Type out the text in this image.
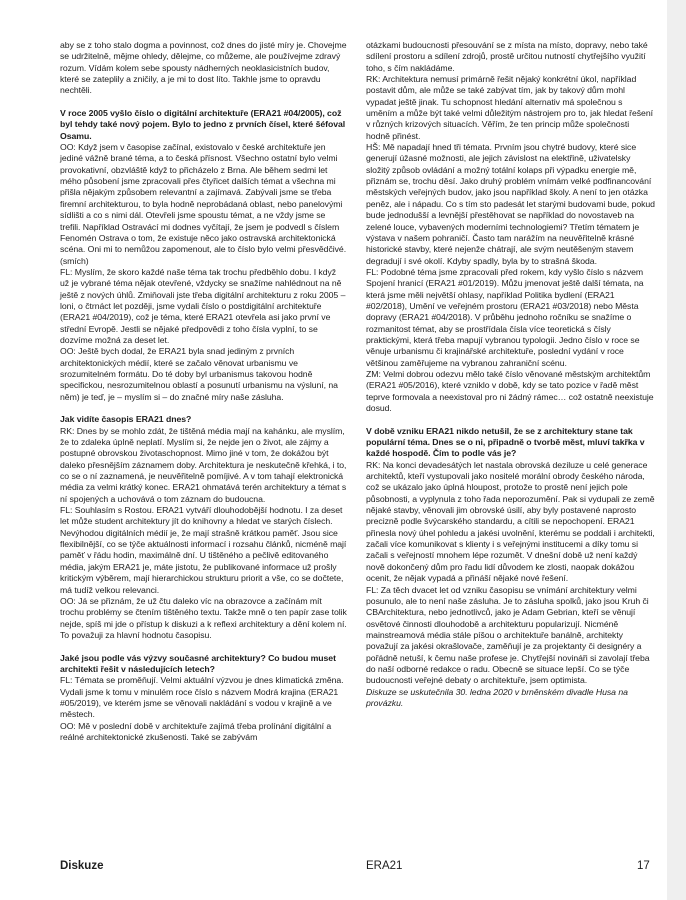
aby se z toho stalo dogma a povinnost, což dnes do jisté míry je. Chovejme se udržitelně, mějme ohledy, dělejme, co můžeme, ale používejme zdravý rozum. Vídám kolem sebe spousty nádherných neoklasicistních budov, které se zateplily a zničily, a je mi to dost líto. Takhle jsme to opravdu nechtěli.

V roce 2005 vyšlo číslo o digitální architektuře (ERA21 #04/2005), což byl tehdy také nový pojem. Bylo to jedno z prvních čísel, které šéfoval Osamu.

OO: Když jsem v časopise začínal, existovalo v české architektuře jen jediné vážně brané téma, a to česká přísnost. Všechno ostatní bylo velmi provokativní, obzvláště když to přicházelo z Brna. Ale během sedmi let mého působení jsme zpracovali přes čtyřicet dalších témat a všechna mi přišla nějakým způsobem relevantní a zajímavá. Zabývali jsme se třeba firemní architekturou, to byla hodně neprobádaná oblast, nebo panelovými sídlišti a co s nimi dál. Otevřeli jsme spoustu témat, a ne vždy jsme se trefili. Například Ostravácí mi dodnes vyčítají, že jsem je podvedl s číslem Fenomén Ostrava o tom, že existuje něco jako ostravská architektonická scéna. Oni mi to nemůžou zapomenout, ale to číslo bylo velmi přesvědčivé. (smích)

FL: Myslím, že skoro každé naše téma tak trochu předběhlo dobu. I když už je vybrané téma nějak otevřené, vždycky se snažíme nahlédnout na ně ještě z nových úhlů. Zmiňovali jste třeba digitální architekturu z roku 2005 – loni, o čtrnáct let později, jsme vydali číslo o postdigitální architektuře (ERA21 #04/2019), což je téma, které ERA21 otevřela asi jako první ve střední Evropě. Jestli se nějaké předpovědi z toho čísla vyplní, to se dozvíme možná za deset let.

OO: Ještě bych dodal, že ERA21 byla snad jediným z prvních architektonických médií, které se začalo věnovat urbanismu ve srozumitelném formátu. Do té doby byl urbanismus takovou hodně specifickou, nesrozumitelnou oblastí a posunutí urbanismu na výsluní, na něm) je teď, je – myslím si – do značné míry naše zásluha.

Jak vidíte časopis ERA21 dnes?

RK: Dnes by se mohlo zdát, že tištěná média mají na kahánku, ale myslím, že to zdaleka úplně neplatí. Myslím si, že nejde jen o život, ale zájmy a postupné obrovskou životaschopnost. Mimo jiné v tom, že dokážou být daleko přesnějším záznamem doby. Architektura je neskutečně křehká, i to, co se o ní zaznamená, je neuvěřitelně pomíjivé. A v tom tahají elektronická média za velmi krátký konec. ERA21 ohmatává terén architektury a témat s ní spojených a uchovává o tom záznam do budoucna.

FL: Souhlasím s Rostou. ERA21 vytváří dlouhodobější hodnotu. I za deset let může student architektury jít do knihovny a hledat ve starých číslech. Nevýhodou digitálních médií je, že mají strašně krátkou paměť. Jsou sice flexibilnější, co se týče aktuálnosti informací i rozsahu článků, nicméně mají paměť v řádu hodin, maximálně dní. U tištěného a pečlivě editovaného média, jakým ERA21 je, máte jistotu, že publikované informace už prošly kritickým výběrem, mají hierarchickou strukturu priorit a vše, co se dočtete, má tudíž velkou relevanci.

OO: Já se přiznám, že už čtu daleko víc na obrazovce a začínám mít trochu problémy se čtením tištěného textu. Takže mně o ten papír zase tolik nejde, spíš mi jde o přístup k diskuzi a k reflexi architektury a dění kolem ní. To považuji za hlavní hodnotu časopisu.

Jaké jsou podle vás výzvy současné architektury? Co budou muset architekti řešit v následujících letech?

FL: Témata se proměňují. Velmi aktuální výzvou je dnes klimatická změna. Vydali jsme k tomu v minulém roce číslo s názvem Modrá krajina (ERA21 #05/2019), ve kterém jsme se věnovali nakládání s vodou v krajině a ve městech.

OO: Mě v poslední době v architektuře zajímá třeba prolínání digitální a reálné architektonické zkušenosti. Také se zabývám

otázkami budoucnosti přesouvání se z místa na místo, dopravy, nebo také sdílení prostoru a sdílení zdrojů, prostě určitou nutností chytřejšího využití toho, s čím nakládáme.

RK: Architektura nemusí primárně řešit nějaký konkrétní úkol, například postavit dům, ale může se také zabývat tím, jak by takový dům mohl vypadat ještě jinak. Tu schopnost hledání alternativ má společnou s uměním a může být také velmi důležitým nástrojem pro to, jak hledat řešení v různých krizových situacích. Věřím, že ten princip může společnosti hodně přinést.

HŠ: Mě napadají hned tři témata. Prvním jsou chytré budovy, které sice generují úžasné možnosti, ale jejich závislost na elektřině, uživatelsky složitý způsob ovládání a možný totální kolaps při výpadku energie mě, přiznám se, trochu děsí. Jako druhý problém vnímám velké podfinancování městských veřejných budov, jako jsou například školy. A není to jen otázka peněz, ale i nápadu. Co s tím sto padesát let starými budovami bude, pokud bude jednodušší a levnější přestěhovat se například do novostaveb na zelené louce, vybavených moderními technologiemi? Třetím tématem je výstava v našem pohraničí. Často tam narážím na neuvěřitelně krásné historické stavby, které nejenže chátrají, ale svým neutěšeným stavem degradují i své okolí. Kdyby spadly, byla by to strašná škoda.

FL: Podobné téma jsme zpracovali před rokem, kdy vyšlo číslo s názvem Spojení hranicí (ERA21 #01/2019). Můžu jmenovat ještě další témata, na která jsme měli největší ohlasy, například Politika bydlení (ERA21 #02/2018), Umění ve veřejném prostoru (ERA21 #03/2018) nebo Města dopravy (ERA21 #04/2018). V průběhu jednoho ročníku se snažíme o rozmanitost témat, aby se prostřídala čísla více teoretická s čísly praktickými, která třeba mapují vybranou typologii. Jedno číslo v roce se věnuje urbanismu či krajinářské architektuře, poslední vydání v roce většinou zaměřujeme na vybranou zahraniční scénu.

ZM: Velmi dobrou odezvu mělo také číslo věnované městským architektům (ERA21 #05/2016), které vzniklo v době, kdy se tato pozice v řadě měst teprve formovala a neexistoval pro ni žádný rámec… což ostatně neexistuje dosud.

V době vzniku ERA21 nikdo netušil, že se z architektury stane tak populární téma. Dnes se o ni, připadně o tvorbě měst, mluví takřka v každé hospodě. Čím to podle vás je?

RK: Na konci devadesátých let nastala obrovská deziluze u celé generace architektů, kteří vystupovali jako nositelé morální obrody českého národa, což se ukázalo jako úplná hloupost, protože to prostě není jejich pole působnosti, a vyplynula z toho řada neporozumění. Pak si vydupali ze země nějaké stavby, věnovali jim obrovské úsilí, aby byly postavené naprosto precizně podle švýcarského standardu, a cítili se nepochopení. ERA21 přinesla nový úhel pohledu a jakési uvolnění, kterému se poddali i architekti, začali více komunikovat s klienty i s veřejnými institucemi a díky tomu si začali s veřejností mnohem lépe rozumět. V dnešní době už není každý nově dokončený dům pro řadu lidí důvodem ke zlosti, naopak dokážou ocenit, že nějak vypadá a přináší nějaké nové řešení.

FL: Za těch dvacet let od vzniku časopisu se vnímání architektury velmi posunulo, ale to není naše zásluha. Je to zásluha spolků, jako jsou Kruh či CBArchitektura, nebo jednotlivců, jako je Adam Gebrian, kteří se věnují osvětové činnosti dlouhodobě a architekturu popularizují. Nicméně mainstreamová média stále píšou o architektuře banálně, architekty považují za jakési okrašlovače, zaměňují je za projektanty či designéry a pořádně netuší, k čemu naše profese je. Chytřejší novináři si zavolají třeba do naší odborné redakce o radu. Obecně se situace lepší. Co se týče budoucnosti veřejné debaty o architektuře, jsem optimista.

Diskuze se uskutečnila 30. ledna 2020 v brněnském divadle Husa na provázku.

Diskuze	ERA21	17
